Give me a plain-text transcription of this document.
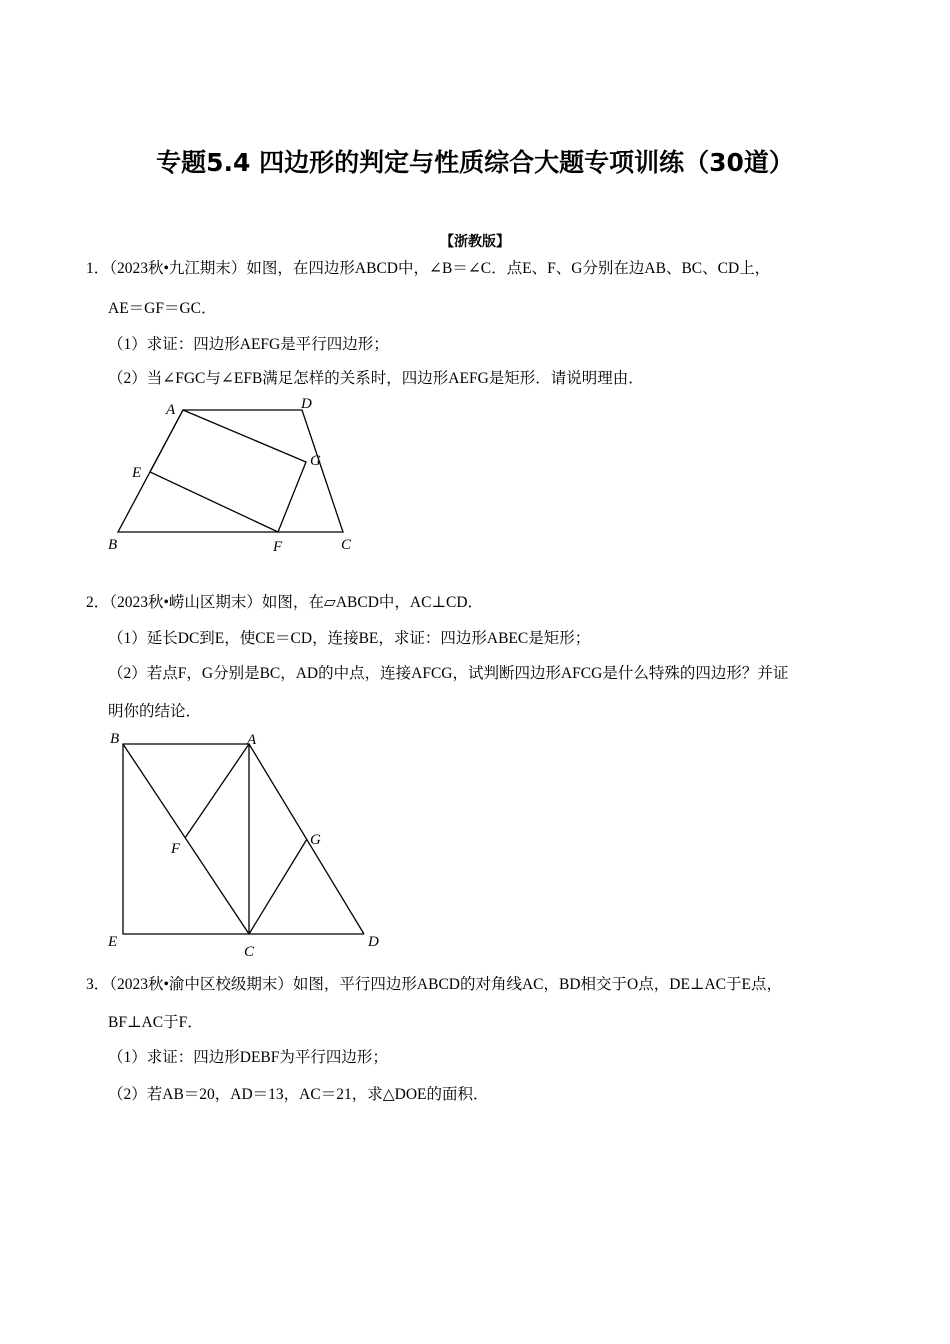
专题5.4 四边形的判定与性质综合大题专项训练（30道）
【浙教版】
1．（2023秋•九江期末）如图，在四边形ABCD中，∠B＝∠C．点E、F、G分别在边AB、BC、CD上，
AE＝GF＝GC．
（1）求证：四边形AEFG是平行四边形；
（2）当∠FGC与∠EFB满足怎样的关系时，四边形AEFG是矩形．请说明理由．
2．（2023秋•崂山区期末）如图，在▱ABCD中，AC⊥CD．
（1）延长DC到E，使CE＝CD，连接BE，求证：四边形ABEC是矩形；
（2）若点F，G分别是BC，AD的中点，连接AFCG，试判断四边形AFCG是什么特殊的四边形？并证
明你的结论．
3．（2023秋•渝中区校级期末）如图，平行四边形ABCD的对角线AC，BD相交于O点，DE⊥AC于E点，
BF⊥AC于F．
（1）求证：四边形DEBF为平行四边形；
（2）若AB＝20，AD＝13，AC＝21，求△DOE的面积．
A	D
E
G
B	F	C
B	A
F
G
E
C
D
